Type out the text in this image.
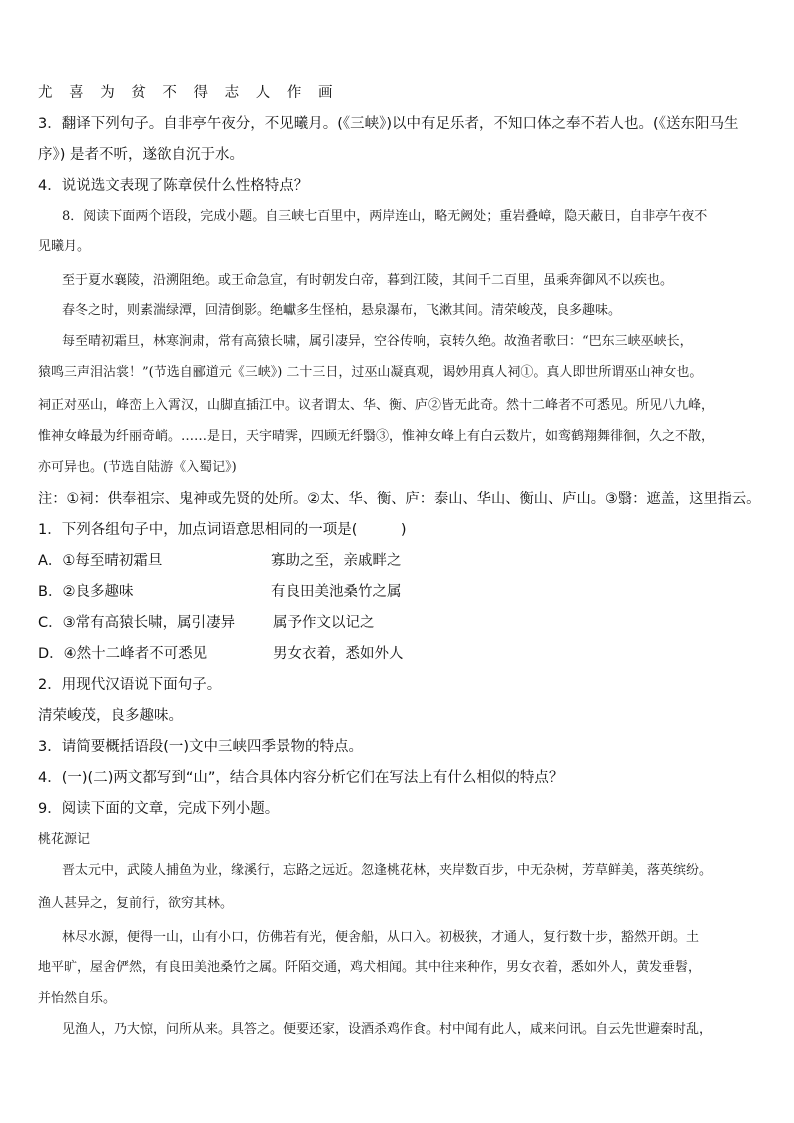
尤 喜 为 贫 不 得 志 人 作 画
3．翻译下列句子。自非亭午夜分，不见曦月。(《三峡》)以中有足乐者，不知口体之奉不若人也。(《送东阳马生
序》) 是者不听，遂欲自沉于水。
4．说说选文表现了陈章侯什么性格特点？
8．阅读下面两个语段，完成小题。自三峡七百里中，两岸连山，略无阙处；重岩叠嶂，隐天蔽日，自非亭午夜不
见曦月。
至于夏水襄陵，沿溯阻绝。或王命急宣，有时朝发白帝，暮到江陵，其间千二百里，虽乘奔御风不以疾也。
春冬之时，则素湍绿潭，回清倒影。绝巘多生怪柏，悬泉瀑布，飞漱其间。清荣峻茂，良多趣味。
每至晴初霜旦，林寒涧肃，常有高猿长啸，属引凄异，空谷传响，哀转久绝。故渔者歌曰：“巴东三峡巫峡长，
猿鸣三声泪沾裳！”(节选自郦道元《三峡》) 二十三日，过巫山凝真观，谒妙用真人祠①。真人即世所谓巫山神女也。
祠正对巫山，峰峦上入霄汉，山脚直插江中。议者谓太、华、衡、庐②皆无此奇。然十二峰者不可悉见。所见八九峰，
惟神女峰最为纤丽奇峭。……是日，天宇晴霁，四顾无纤翳③，惟神女峰上有白云数片，如鸾鹤翔舞徘徊，久之不散，
亦可异也。(节选自陆游《入蜀记》)
注：①祠：供奉祖宗、鬼神或先贤的处所。②太、华、衡、庐：泰山、华山、衡山、庐山。③翳：遮盖，这里指云。
1．下列各组句子中，加点词语意思相同的一项是(　　　)
A．①每至晴初霜旦	寡助之至，亲戚畔之
B．②良多趣味	有良田美池桑竹之属
C．③常有高猿长啸，属引凄异	属予作文以记之
D．④然十二峰者不可悉见	男女衣着，悉如外人
2．用现代汉语说下面句子。
清荣峻茂，良多趣味。
3．请简要概括语段(一)文中三峡四季景物的特点。
4．(一)(二)两文都写到“山”，结合具体内容分析它们在写法上有什么相似的特点？
9．阅读下面的文章，完成下列小题。
桃花源记
晋太元中，武陵人捕鱼为业，缘溪行，忘路之远近。忽逢桃花林，夹岸数百步，中无杂树，芳草鲜美，落英缤纷。
渔人甚异之，复前行，欲穷其林。
林尽水源，便得一山，山有小口，仿佛若有光，便舍船，从口入。初极狭，才通人，复行数十步，豁然开朗。土
地平旷，屋舍俨然，有良田美池桑竹之属。阡陌交通，鸡犬相闻。其中往来种作，男女衣着，悉如外人，黄发垂髫，
并怡然自乐。
见渔人，乃大惊，问所从来。具答之。便要还家，设酒杀鸡作食。村中闻有此人，咸来问讯。自云先世避秦时乱，
